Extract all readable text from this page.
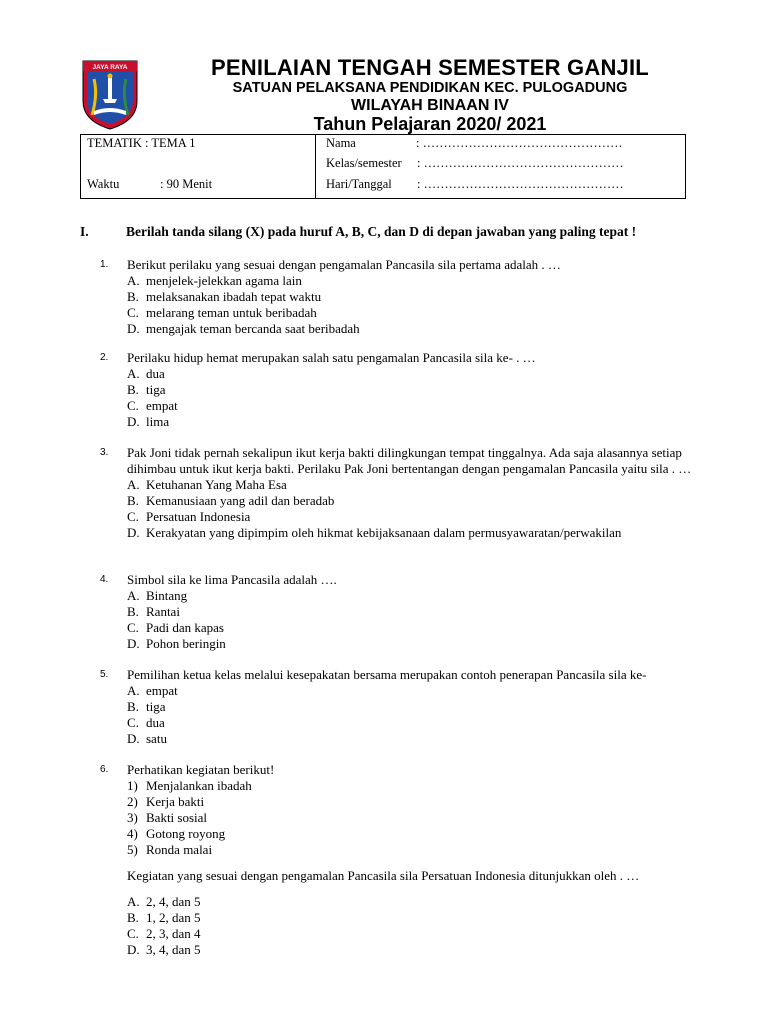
JAYA RAYA	PENILAIAN TENGAH SEMESTER GANJIL
SATUAN PELAKSANA PENDIDIKAN KEC. PULOGADUNG
WILAYAH BINAAN IV
Tahun Pelajaran 2020/ 2021
TEMATIK : TEMA 1
Waktu	: 90 Menit
Nama	: …………………………………………
Kelas/semester : …………………………………………
Hari/Tanggal : …………………………………………
I.	Berilah tanda silang (X) pada huruf A, B, C, dan D di depan jawaban yang paling tepat !
1. Berikut perilaku yang sesuai dengan pengamalan Pancasila sila pertama adalah . …
A. menjelek-jelekkan agama lain
B. melaksanakan ibadah tepat waktu
C. melarang teman untuk beribadah
D. mengajak teman bercanda saat beribadah
2. Perilaku hidup hemat merupakan salah satu pengamalan Pancasila sila ke- . …
A. dua
B. tiga
C. empat
D. lima
3. Pak Joni tidak pernah sekalipun ikut kerja bakti dilingkungan tempat tinggalnya. Ada saja alasannya setiap dihimbau untuk ikut kerja bakti. Perilaku Pak Joni bertentangan dengan pengamalan Pancasila yaitu sila . …
A. Ketuhanan Yang Maha Esa
B. Kemanusiaan yang adil dan beradab
C. Persatuan Indonesia
D. Kerakyatan yang dipimpim oleh hikmat kebijaksanaan dalam permusyawaratan/perwakilan
4. Simbol sila ke lima Pancasila adalah ….
A. Bintang
B. Rantai
C. Padi dan kapas
D. Pohon beringin
5. Pemilihan ketua kelas melalui kesepakatan bersama merupakan contoh penerapan Pancasila sila ke-
A. empat
B. tiga
C. dua
D. satu
6. Perhatikan kegiatan berikut!
1) Menjalankan ibadah
2) Kerja bakti
3) Bakti sosial
4) Gotong royong
5) Ronda malai
Kegiatan yang sesuai dengan pengamalan Pancasila sila Persatuan Indonesia ditunjukkan oleh . …
A. 2, 4, dan 5
B. 1, 2, dan 5
C. 2, 3, dan 4
D. 3, 4, dan 5
